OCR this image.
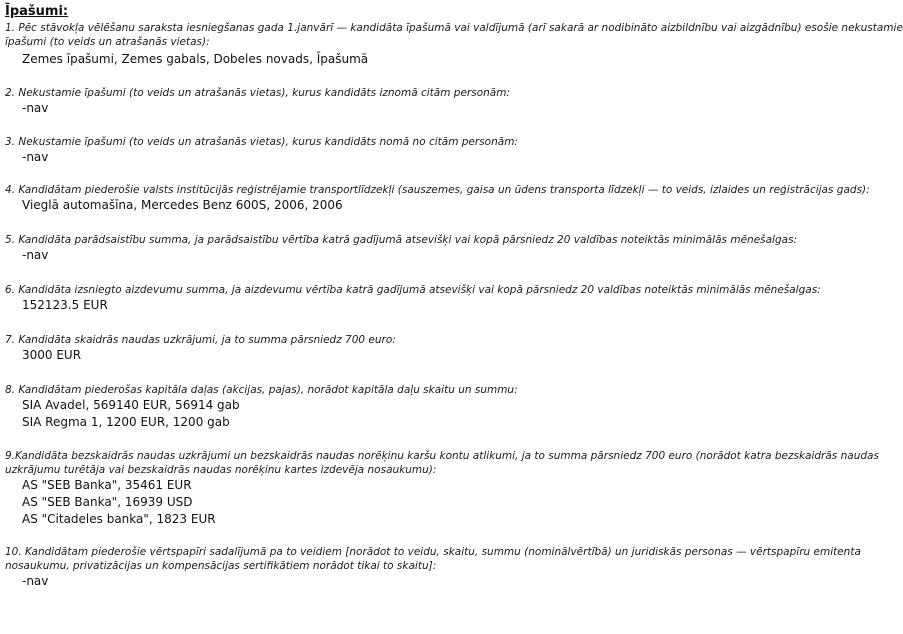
Īpašumi:
1. Pēc stāvokļa vēlēšanu saraksta iesniegšanas gada 1.janvārī — kandidāta īpašumā vai valdījumā (arī sakarā ar nodibināto aizbildnību vai aizgādnību) esošie nekustamie
īpašumi (to veids un atrašanās vietas):
Zemes īpašumi, Zemes gabals, Dobeles novads, Īpašumā
2. Nekustamie īpašumi (to veids un atrašanās vietas), kurus kandidāts iznomā citām personām:
-nav
3. Nekustamie īpašumi (to veids un atrašanās vietas), kurus kandidāts nomā no citām personām:
-nav
4. Kandidātam piederošie valsts institūcijās reģistrējamie transportlīdzekļi (sauszemes, gaisa un ūdens transporta līdzekļi — to veids, izlaides un reģistrācijas gads):
Vieglā automašīna, Mercedes Benz 600S, 2006, 2006
5. Kandidāta parādsaistību summa, ja parādsaistību vērtība katrā gadījumā atsevišķi vai kopā pārsniedz 20 valdības noteiktās minimālās mēnešalgas:
-nav
6. Kandidāta izsniegto aizdevumu summa, ja aizdevumu vērtība katrā gadījumā atsevišķi vai kopā pārsniedz 20 valdības noteiktās minimālās mēnešalgas:
152123.5 EUR
7. Kandidāta skaidrās naudas uzkrājumi, ja to summa pārsniedz 700 euro:
3000 EUR
8. Kandidātam piederošas kapitāla daļas (akcijas, pajas), norādot kapitāla daļu skaitu un summu:
SIA Avadel, 569140 EUR, 56914 gab
SIA Regma 1, 1200 EUR, 1200 gab
9.Kandidāta bezskaidrās naudas uzkrājumi un bezskaidrās naudas norēķinu karšu kontu atlikumi, ja to summa pārsniedz 700 euro (norādot katra bezskaidrās naudas
uzkrājumu turētāja vai bezskaidrās naudas norēķinu kartes izdevēja nosaukumu):
AS "SEB Banka", 35461 EUR
AS "SEB Banka", 16939 USD
AS "Citadeles banka", 1823 EUR
10. Kandidātam piederošie vērtspapīri sadalījumā pa to veidiem [norādot to veidu, skaitu, summu (nominālvērtībā) un juridiskās personas — vērtspapīru emitenta
nosaukumu, privatizācijas un kompensācijas sertifikātiem norādot tikai to skaitu]:
-nav
